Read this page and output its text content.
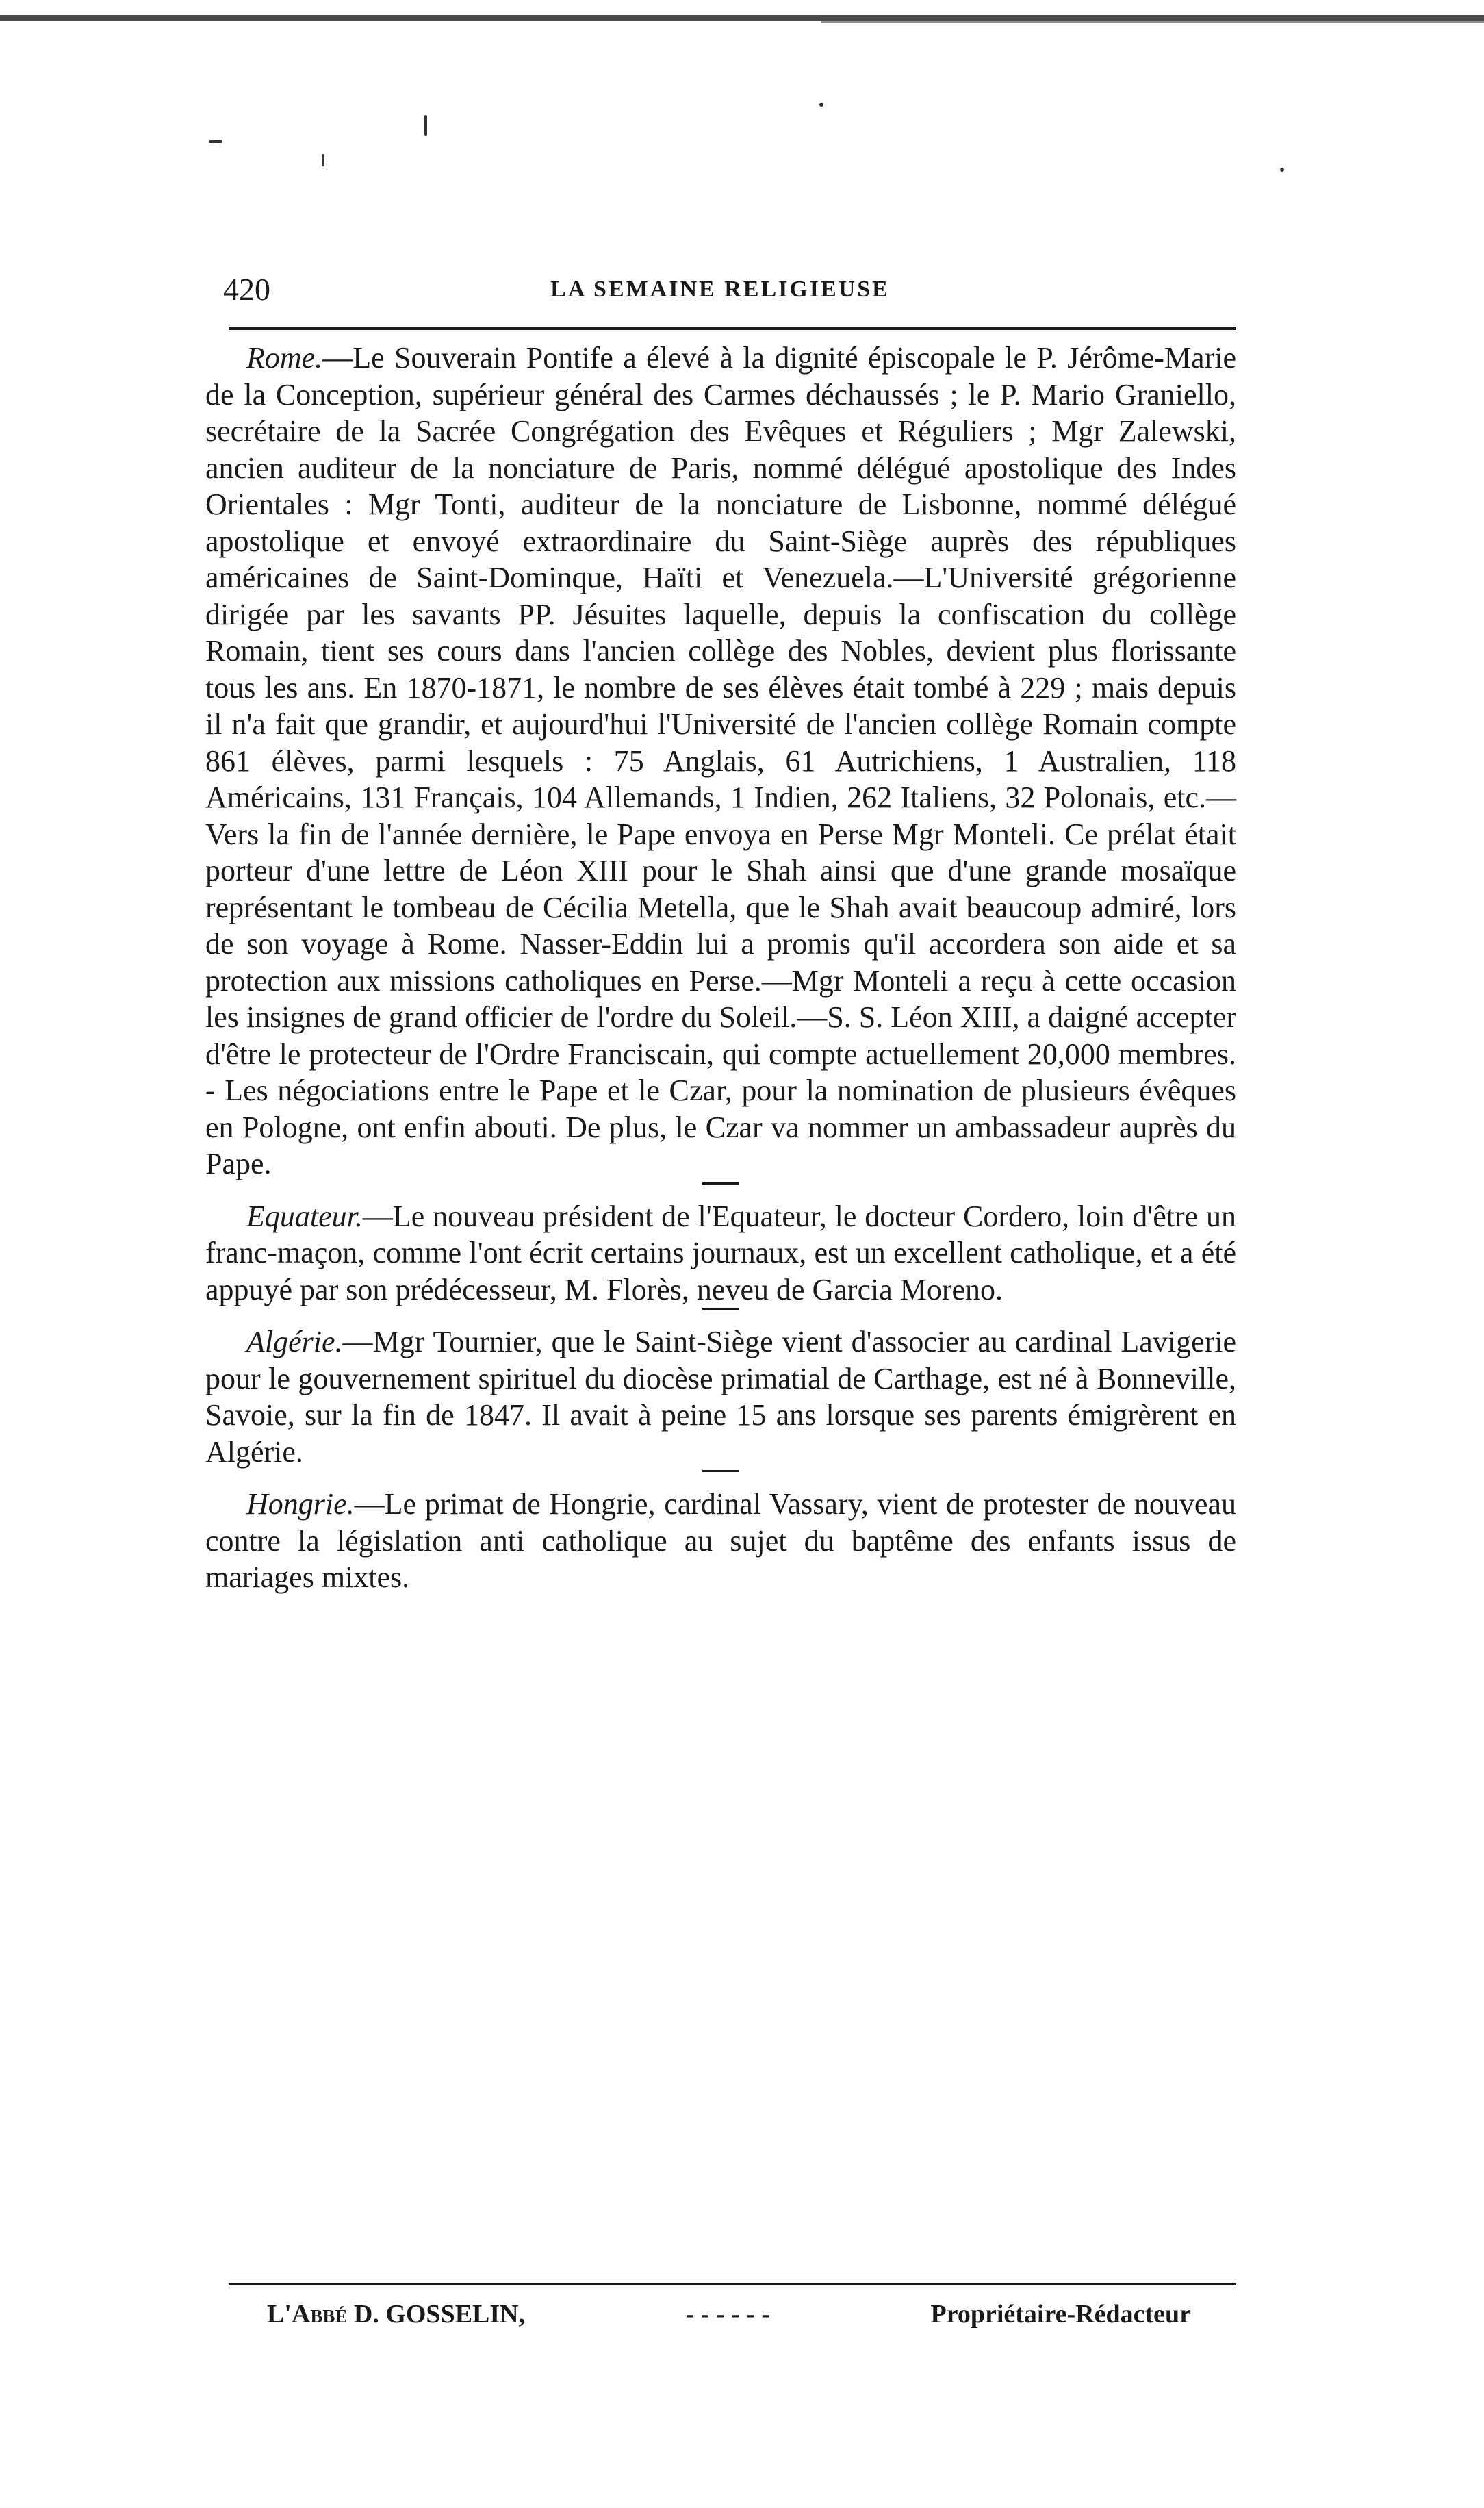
420	LA SEMAINE RELIGIEUSE

Rome.—Le Souverain Pontife a élevé à la dignité épiscopale le P. Jérôme-Marie de la Conception, supérieur général des Carmes déchaussés ; le P. Mario Graniello, secrétaire de la Sacrée Congrégation des Evêques et Réguliers ; Mgr Zalewski, ancien auditeur de la nonciature de Paris, nommé délégué apostolique des Indes Orientales : Mgr Tonti, auditeur de la nonciature de Lisbonne, nommé délégué apostolique et envoyé extraordinaire du Saint-Siège auprès des républiques américaines de Saint-Dominque, Haïti et Venezuela.—L'Université grégorienne dirigée par les savants PP. Jésuites laquelle, depuis la confiscation du collège Romain, tient ses cours dans l'ancien collège des Nobles, devient plus florissante tous les ans. En 1870-1871, le nombre de ses élèves était tombé à 229 ; mais depuis il n'a fait que grandir, et aujourd'hui l'Université de l'ancien collège Romain compte 861 élèves, parmi lesquels : 75 Anglais, 61 Autrichiens, 1 Australien, 118 Américains, 131 Français, 104 Allemands, 1 Indien, 262 Italiens, 32 Polonais, etc.—Vers la fin de l'année dernière, le Pape envoya en Perse Mgr Monteli. Ce prélat était porteur d'une lettre de Léon XIII pour le Shah ainsi que d'une grande mosaïque représentant le tombeau de Cécilia Metella, que le Shah avait beaucoup admiré, lors de son voyage à Rome. Nasser-Eddin lui a promis qu'il accordera son aide et sa protection aux missions catholiques en Perse.—Mgr Monteli a reçu à cette occasion les insignes de grand officier de l'ordre du Soleil.—S. S. Léon XIII, a daigné accepter d'être le protecteur de l'Ordre Franciscain, qui compte actuellement 20,000 membres. - Les négociations entre le Pape et le Czar, pour la nomination de plusieurs évêques en Pologne, ont enfin abouti. De plus, le Czar va nommer un ambassadeur auprès du Pape.

Equateur.—Le nouveau président de l'Equateur, le docteur Cordero, loin d'être un franc-maçon, comme l'ont écrit certains journaux, est un excellent catholique, et a été appuyé par son prédécesseur, M. Florès, neveu de Garcia Moreno.

Algérie.—Mgr Tournier, que le Saint-Siège vient d'associer au cardinal Lavigerie pour le gouvernement spirituel du diocèse primatial de Carthage, est né à Bonneville, Savoie, sur la fin de 1847. Il avait à peine 15 ans lorsque ses parents émigrèrent en Algérie.

Hongrie.—Le primat de Hongrie, cardinal Vassary, vient de protester de nouveau contre la législation anti catholique au sujet du baptême des enfants issus de mariages mixtes.

L'Abbé D. GOSSELIN,	- - - - - -	Propriétaire-Rédacteur
